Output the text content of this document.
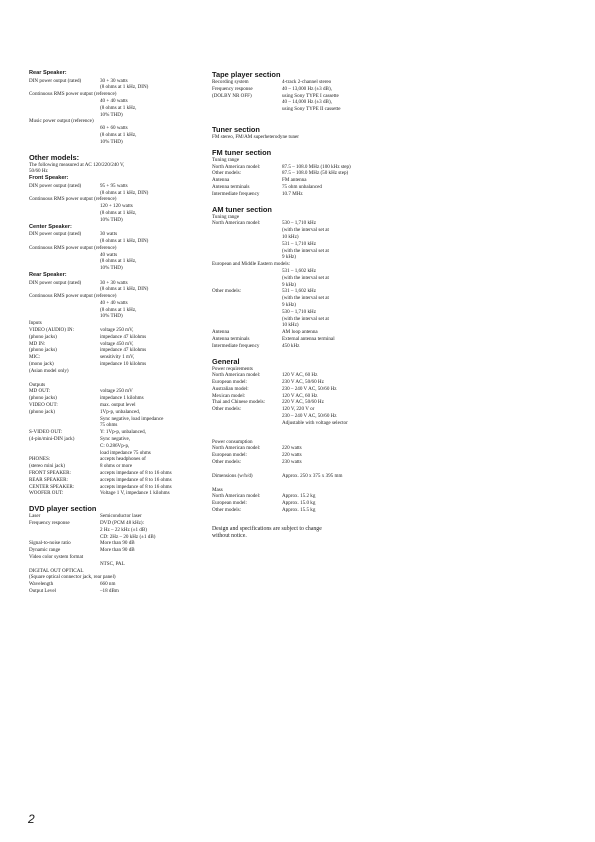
Rear Speaker:
DIN power output (rated)	30 + 30 watts
(8 ohms at 1 kHz, DIN)
Continuous RMS power output (reference)
40 + 40 watts
(8 ohms at 1 kHz,
10% THD)
Music power output (reference)
60 + 60 watts
(8 ohms at 1 kHz,
10% THD)
Other models:
The following measured at AC 120/220/240 V,
50/60 Hz
Front Speaker:
DIN power output (rated)	95 + 95 watts
(8 ohms at 1 kHz, DIN)
Continuous RMS power output (reference)
120 + 120 watts
(8 ohms at 1 kHz,
10% THD)
Center Speaker:
DIN power output (rated)	30 watts
(8 ohms at 1 kHz, DIN)
Continuous RMS power output (reference)
40 watts
(8 ohms at 1 kHz,
10% THD)
Rear Speaker:
DIN power output (rated)	30 + 30 watts
(8 ohms at 1 kHz, DIN)
Continuous RMS power output (reference)
40 + 40 watts
(8 ohms at 1 kHz,
10% THD)
Inputs
VIDEO (AUDIO) IN:	voltage 250 mV,
(phono jacks)	impedance 47 kilohms
MD IN:	voltage 450 mV,
(phono jacks)	impedance 47 kilohms
MIC:	sensitivity 1 mV,
(mono jack)	impedance 10 kilohms
(Asian model only)
Outputs
MD OUT:	voltage 250 mV
(phono jacks)	impedance 1 kilohms
VIDEO OUT:	max. output level
(phono jack)	1Vp-p, unbalanced,
Sync negative, load impedance
75 ohms
S-VIDEO OUT:	Y: 1Vp-p, unbalanced,
(4-pin/mini-DIN jack)	Sync negative,
C: 0.286Vp-p,
load impedance 75 ohms
PHONES:	accepts headphones of
(stereo mini jack)	8 ohms or more
FRONT SPEAKER:	accepts impedance of 8 to 16 ohms
REAR SPEAKER:	accepts impedance of 8 to 16 ohms
CENTER SPEAKER:	accepts impedance of 8 to 16 ohms
WOOFER OUT:	Voltage 1 V, impedance 1 kilohms
DVD player section
Laser	Semiconductor laser
Frequency response	DVD (PCM 48 kHz):
2 Hz – 22 kHz (±1 dB)
CD: 2Hz – 20 kHz (±1 dB)
Signal-to-noise ratio	More than 90 dB
Dynamic range	More than 90 dB
Video color system format
NTSC, PAL
DIGITAL OUT OPTICAL
(Square optical connector jack, rear panel)
Wavelength	660 nm
Output Level	–18 dBm
Tape player section
Recording system	4-track 2-channel stereo
Frequency response	40 – 13,000 Hz (±3 dB),
(DOLBY NR OFF)	using Sony TYPE I cassette
40 – 14,000 Hz (±3 dB),
using Sony TYPE II cassette
Tuner section
FM stereo, FM/AM superheterodyne tuner
FM tuner section
Tuning range
North American model:	87.5 – 108.0 MHz (100 kHz step)
Other models:	87.5 – 108.0 MHz (50 kHz step)
Antenna	FM antenna
Antenna terminals	75 ohm unbalanced
Intermediate frequency	10.7 MHz
AM tuner section
Tuning range
North American model:	530 – 1,710 kHz
(with the interval set at
10 kHz)
531 – 1,710 kHz
(with the interval set at
9 kHz)
European and Middle Eastern models:
531 – 1,602 kHz
(with the interval set at
9 kHz)
Other models:	531 – 1,602 kHz
(with the interval set at
9 kHz)
530 – 1,710 kHz
(with the interval set at
10 kHz)
Antenna	AM loop antenna
Antenna terminals	External antenna terminal
Intermediate frequency	450 kHz
General
Power requirements
North American model:	120 V AC, 60 Hz
European model:	230 V AC, 50/60 Hz
Australian model:	230 – 240 V AC, 50/60 Hz
Mexican model:	120 V AC, 60 Hz
Thai and Chinese models:	220 V AC, 50/60 Hz
Other models:	120 V, 220 V or
230 – 240 V AC, 50/60 Hz
Adjustable with voltage selector
Power consumption
North American model:	220 watts
European model:	220 watts
Other models:	230 watts
Dimensions (w/h/d)	Approx. 250 x 375 x 395 mm
Mass
North American model:	Approx. 15.2 kg
European model:	Approx. 15.0 kg
Other models:	Approx. 15.5 kg
Design and specifications are subject to change
without notice.
2
